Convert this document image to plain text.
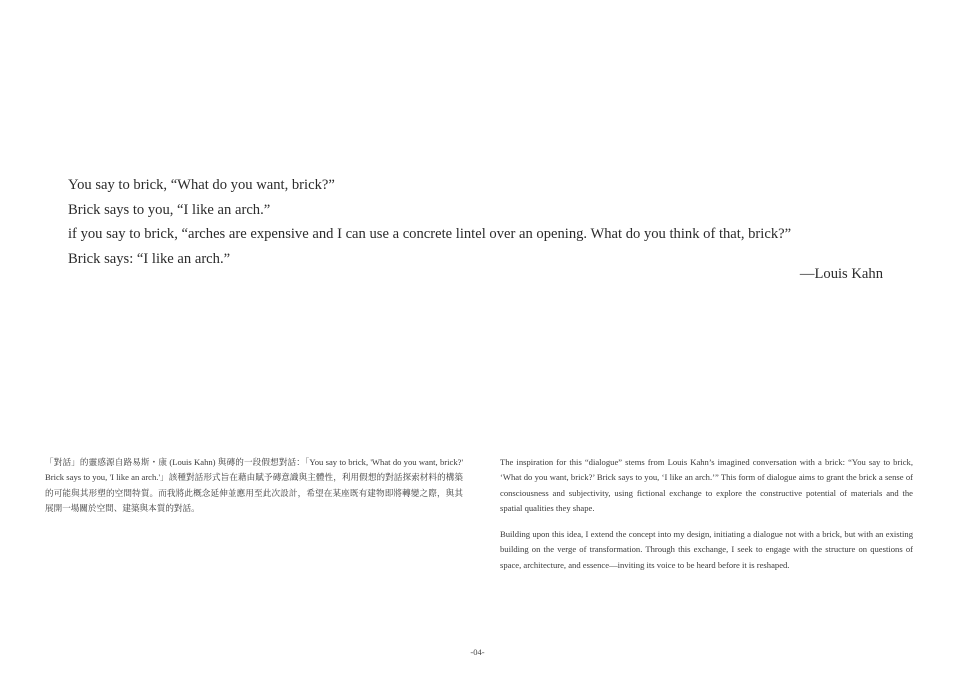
You say to brick, “What do you want, brick?”
Brick says to you, “I like an arch.”
if you say to brick, “arches are expensive and I can use a concrete lintel over an opening. What do you think of that, brick?”
Brick says: “I like an arch.”
—Louis Kahn

「對話」的靈感源自路易斯・康 (Louis Kahn) 與磚的一段假想對話：「You say to brick, 'What do you want, brick?' Brick says to you, 'I like an arch.'」該種對話形式旨在藉由賦予磚意識與主體性，利用假想的對話探索材料的構築的可能與其形塑的空間特質。而我將此概念延伸並應用至此次設計，希望在某座既有建物即將轉變之際，與其展開一場關於空間、建築與本質的對話。

The inspiration for this “dialogue” stems from Louis Kahn’s imagined conversation with a brick: “You say to brick, ‘What do you want, brick?’ Brick says to you, ‘I like an arch.’” This form of dialogue aims to grant the brick a sense of consciousness and subjectivity, using fictional exchange to explore the constructive potential of materials and the spatial qualities they shape.

Building upon this idea, I extend the concept into my design, initiating a dialogue not with a brick, but with an existing building on the verge of transformation. Through this exchange, I seek to engage with the structure on questions of space, architecture, and essence—inviting its voice to be heard before it is reshaped.

-04-
